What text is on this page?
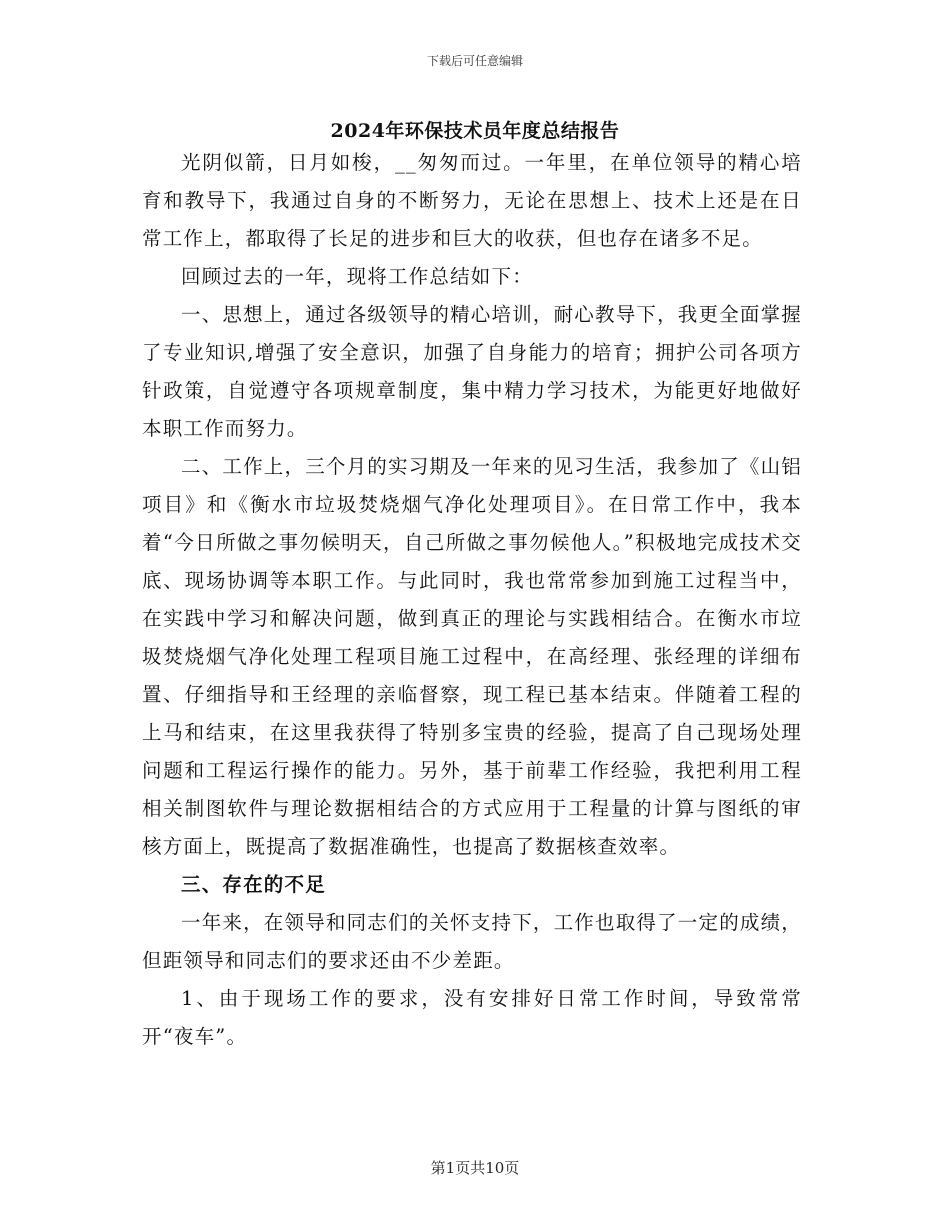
下载后可任意编辑
2024年环保技术员年度总结报告

光阴似箭，日月如梭，__匆匆而过。一年里，在单位领导的精心培育和教导下，我通过自身的不断努力，无论在思想上、技术上还是在日常工作上，都取得了长足的进步和巨大的收获，但也存在诸多不足。

回顾过去的一年，现将工作总结如下：

一、思想上，通过各级领导的精心培训，耐心教导下，我更全面掌握了专业知识,增强了安全意识，加强了自身能力的培育；拥护公司各项方针政策，自觉遵守各项规章制度，集中精力学习技术，为能更好地做好本职工作而努力。

二、工作上，三个月的实习期及一年来的见习生活，我参加了《山铝项目》和《衡水市垃圾焚烧烟气净化处理项目》。在日常工作中，我本着“今日所做之事勿候明天，自己所做之事勿候他人。”积极地完成技术交底、现场协调等本职工作。与此同时，我也常常参加到施工过程当中，在实践中学习和解决问题，做到真正的理论与实践相结合。在衡水市垃圾焚烧烟气净化处理工程项目施工过程中，在高经理、张经理的详细布置、仔细指导和王经理的亲临督察，现工程已基本结束。伴随着工程的上马和结束，在这里我获得了特别多宝贵的经验，提高了自己现场处理问题和工程运行操作的能力。另外，基于前辈工作经验，我把利用工程相关制图软件与理论数据相结合的方式应用于工程量的计算与图纸的审核方面上，既提高了数据准确性，也提高了数据核查效率。

三、存在的不足

一年来，在领导和同志们的关怀支持下，工作也取得了一定的成绩，但距领导和同志们的要求还由不少差距。

1、由于现场工作的要求，没有安排好日常工作时间，导致常常开“夜车”。

第1页共10页
